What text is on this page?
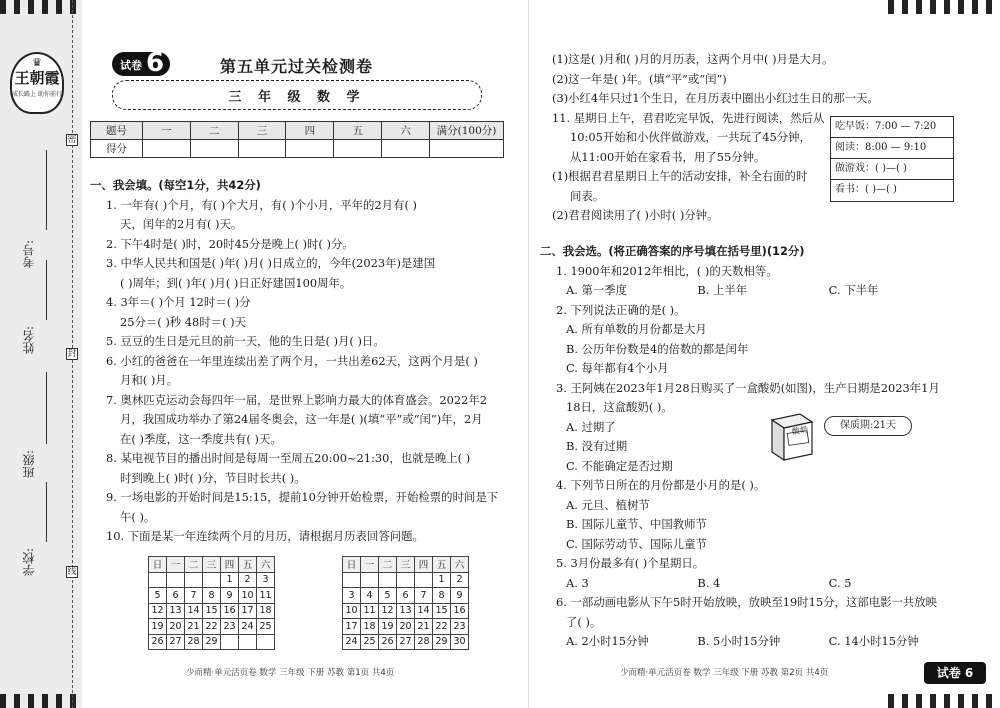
密
封
线
考号:
姓名:
班级:
学校:
♛
王朝霞
成长路上 助你前行
试卷 6	第五单元过关检测卷
三 年 级 数 学
题号	一	二	三	四	五	六	满分(100分)
得分							
一、我会填。(每空1分，共42分)
1. 一年有( )个月，有( )个大月，有( )个小月，平年的2月有( )
天，闰年的2月有( )天。
2. 下午4时是( )时，20时45分是晚上( )时( )分。
3. 中华人民共和国是( )年( )月( )日成立的，今年(2023年)是建国
( )周年；到( )年( )月( )日正好建国100周年。
4. 3年＝( )个月 12时＝( )分
25分＝( )秒 48时＝( )天
5. 豆豆的生日是元旦的前一天，他的生日是( )月( )日。
6. 小红的爸爸在一年里连续出差了两个月，一共出差62天，这两个月是( )
月和( )月。
7. 奥林匹克运动会每四年一届，是世界上影响力最大的体育盛会。2022年2
月，我国成功举办了第24届冬奥会，这一年是( )(填“平”或“闰”)年，2月
在( )季度，这一季度共有( )天。
8. 某电视节目的播出时间是每周一至周五20:00~21:30，也就是晚上( )
时到晚上( )时( )分，节目时长共( )。
9. 一场电影的开始时间是15:15，提前10分钟开始检票，开始检票的时间是下
午( )。
10. 下面是某一年连续两个月的月历，请根据月历表回答问题。
日	一	二	三	四	五	六
				1	2	3
5	6	7	8	9	10	11
12	13	14	15	16	17	18
19	20	21	22	23	24	25
26	27	28	29			
日	一	二	三	四	五	六
					1	2
3	4	5	6	7	8	9
10	11	12	13	14	15	16
17	18	19	20	21	22	23
24	25	26	27	28	29	30
(1)这是( )月和( )月的月历表，这两个月中( )月是大月。
(2)这一年是( )年。(填“平”或“闰”)
(3)小红4年只过1个生日，在月历表中圈出小红过生日的那一天。
11. 星期日上午，君君吃完早饭，先进行阅读，然后从
10:05开始和小伙伴做游戏，一共玩了45分钟，
从11:00开始在家看书，用了55分钟。
(1)根据君君星期日上午的活动安排，补全右面的时
间表。
(2)君君阅读用了( )小时( )分钟。
吃早饭：7:00 — 7:20
阅读：8:00 — 9:10
做游戏：( )—( )
看书：( )—( )
二、我会选。(将正确答案的序号填在括号里)(12分)
1. 1900年和2012年相比，( )的天数相等。
A. 第一季度	B. 上半年	C. 下半年
2. 下列说法正确的是( )。
A. 所有单数的月份都是大月
B. 公历年份数是4的倍数的都是闰年
C. 每年都有4个小月
3. 王阿姨在2023年1月28日购买了一盒酸奶(如图)，生产日期是2023年1月
18日，这盒酸奶( )。
A. 过期了
B. 没有过期
C. 不能确定是否过期
4. 下列节日所在的月份都是小月的是( )。
A. 元旦、植树节
B. 国际儿童节、中国教师节
C. 国际劳动节、国际儿童节
5. 3月份最多有( )个星期日。
A. 3	B. 4	C. 5
6. 一部动画电影从下午5时开始放映，放映至19时15分，这部电影一共放映
了( )。
A. 2小时15分钟	B. 5小时15分钟	C. 14小时15分钟
酸奶	保质期:21天
少而精·单元活页卷 数学 三年级 下册 苏教 第1页 共4页	少而精·单元活页卷 数学 三年级 下册 苏教 第2页 共4页	试卷 6
